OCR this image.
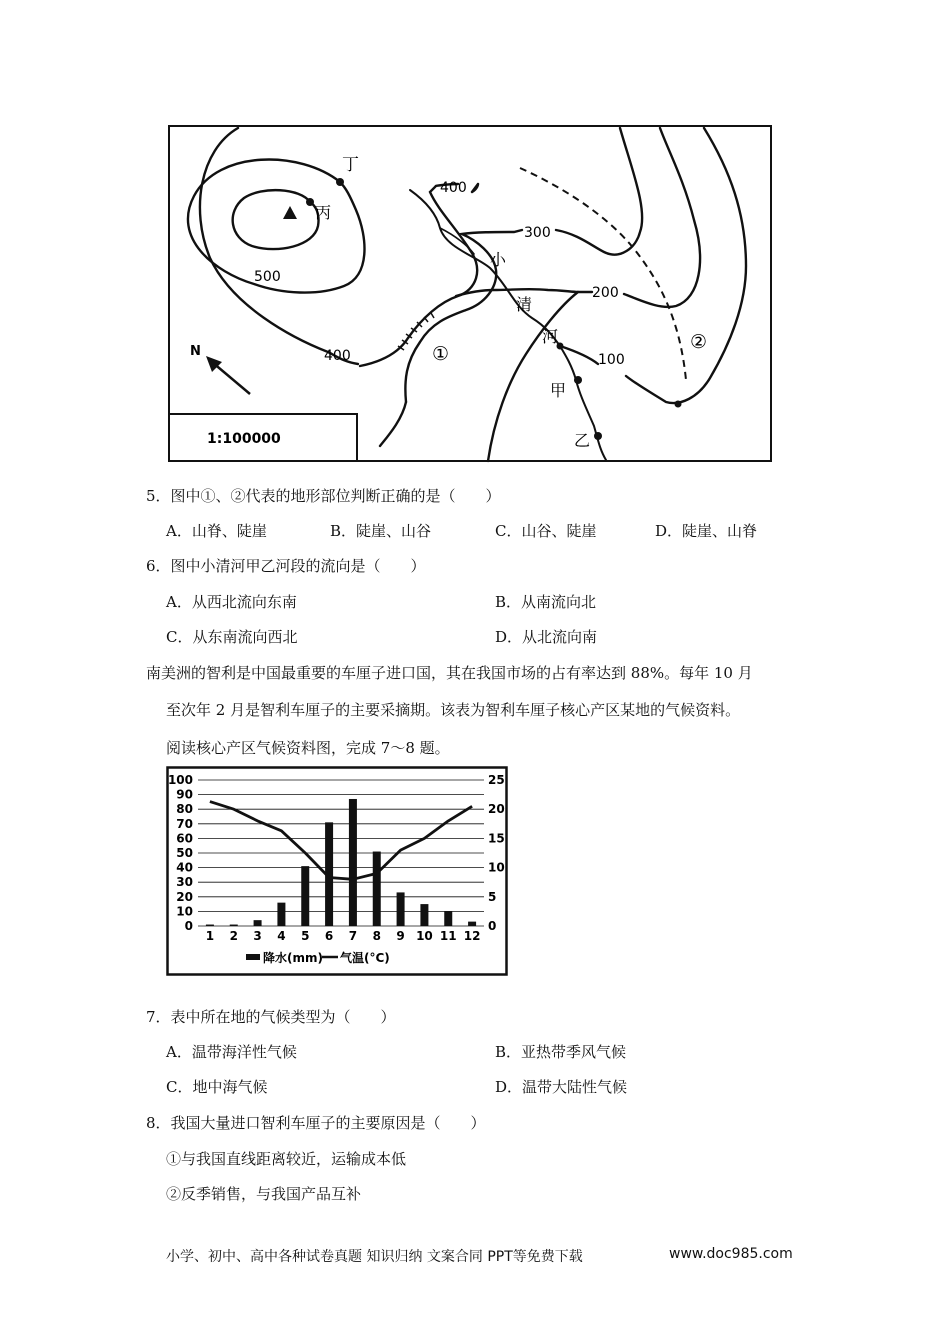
1:100000
N
丁
丙
400
300
500
200
400	100
小
清
河
甲
乙
①
②
5．图中①、②代表的地形部位判断正确的是（　　）
A．山脊、陡崖	B．陡崖、山谷	C．山谷、陡崖	D．陡崖、山脊
6．图中小清河甲乙河段的流向是（　　）
A．从西北流向东南	B．从南流向北
C．从东南流向西北	D．从北流向南
南美洲的智利是中国最重要的车厘子进口国，其在我国市场的占有率达到 88%。每年 10 月
至次年 2 月是智利车厘子的主要采摘期。该表为智利车厘子核心产区某地的气候资料。
阅读核心产区气候资料图，完成 7～8 题。
100
90
80
70
60
50
40
30
20
10
0
25
20
15
10
5
0
1 2 3 4 5 6 7 8 9 10 11 12
降水(mm) 气温(°C)
7．表中所在地的气候类型为（　　）
A．温带海洋性气候	B．亚热带季风气候
C．地中海气候	D．温带大陆性气候
8．我国大量进口智利车厘子的主要原因是（　　）
①与我国直线距离较近，运输成本低
②反季销售，与我国产品互补
小学、初中、高中各种试卷真题 知识归纳 文案合同 PPT等免费下载	www.doc985.com
